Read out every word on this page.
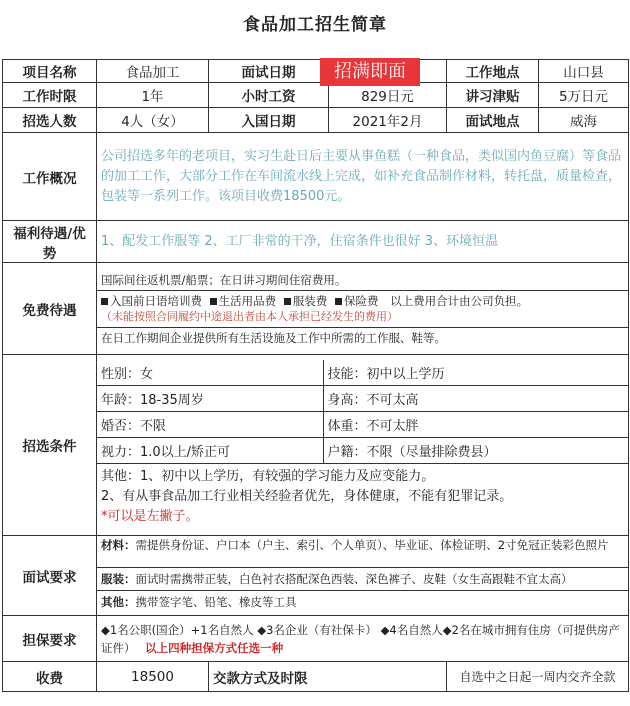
食品加工招生简章
项目名称	食品加工	面试日期		工作地点	山口县
工作时限	1年	小时工资	829日元	讲习津贴	5万日元
招选人数	4人（女）	入国日期	2021年2月	面试地点	威海
工作概况	公司招选多年的老项目，实习生赴日后主要从事鱼糕（一种食品，类似国内鱼豆腐）等食品的加工工作，大部分工作在车间流水线上完成，如补充食品制作材料，转托盘，质量检查，包装等一系列工作。该项目收费18500元。
福利待遇/优势	1、配发工作服等 2、工厂非常的干净，住宿条件也很好 3、环境恒温
免费待遇	
国际间往返机票/船票；在日讲习期间住宿费用。
入国前日语培训费 生活用品费 服装费 保险费 以上费用合计由公司负担。
（未能按照合同履约中途退出者由本人承担已经发生的费用）
在日工作期间企业提供所有生活设施及工作中所需的工作服、鞋等。

招选条件	
性别：女	技能：初中以上学历
年龄：18-35周岁	身高：不可太高
婚否：不限	体重：不可太胖
视力：1.0以上/矫正可	户籍：不限（尽量排除费县）

其他：1、初中以上学历，有较强的学习能力及应变能力。
2、有从事食品加工行业相关经验者优先，身体健康，不能有犯罪记录。
*可以是左撇子。

面试要求	
材料：需提供身份证、户口本（户主、索引、个人单页）、毕业证、体检证明、2寸免冠正装彩色照片
服装：面试时需携带正装，白色衬衣搭配深色西装、深色裤子、皮鞋（女生高跟鞋不宜太高）
其他：携带签字笔、铅笔、橡皮等工具

担保要求	◆1名公职(国企）+1名自然人 ◆3名企业（有社保卡） ◆4名自然人◆2名在城市拥有住房（可提供房产证件） 以上四种担保方式任选一种
收费	18500	交款方式及时限	自选中之日起一周内交齐全款
招满即面
